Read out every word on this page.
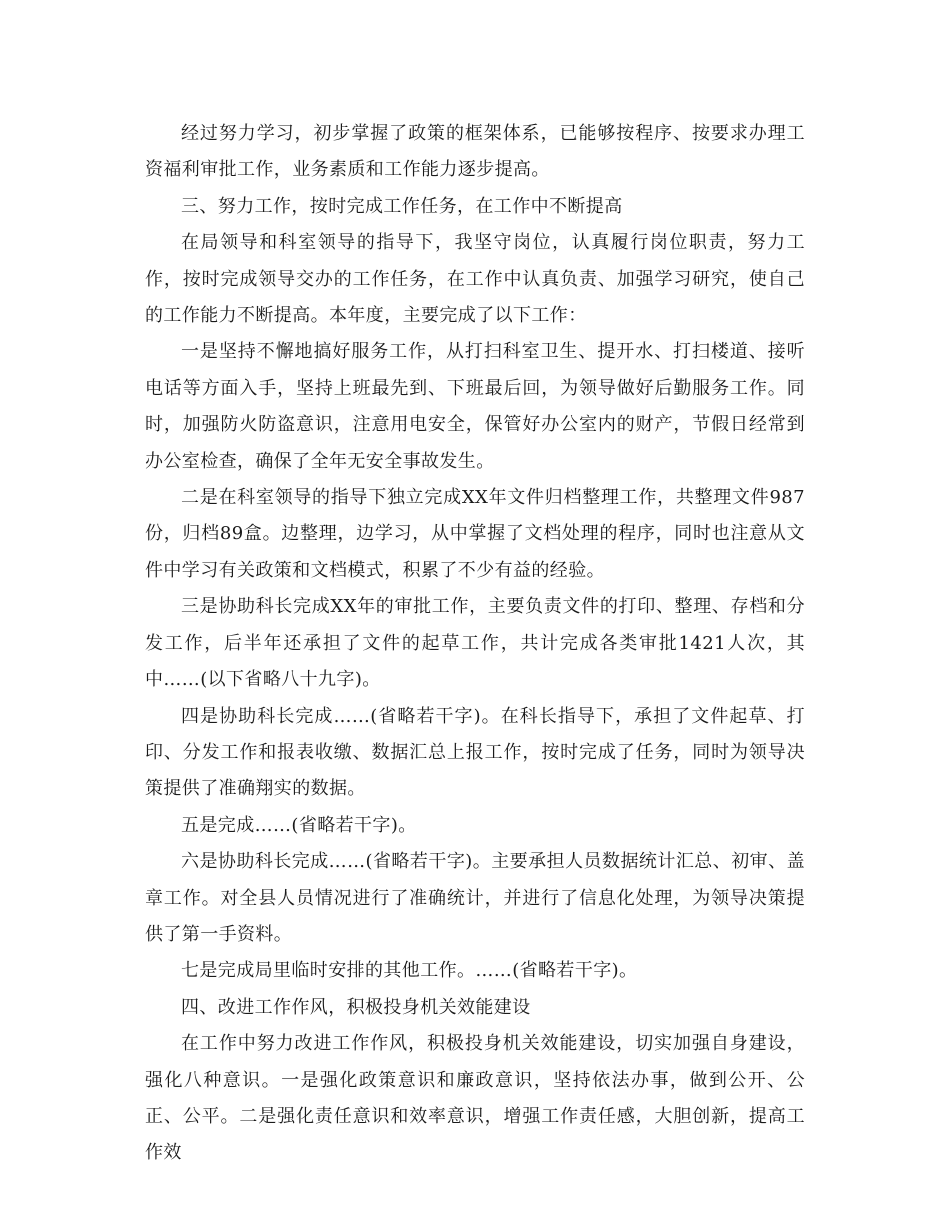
经过努力学习，初步掌握了政策的框架体系，已能够按程序、按要求办理工资福利审批工作，业务素质和工作能力逐步提高。

三、努力工作，按时完成工作任务，在工作中不断提高

在局领导和科室领导的指导下，我坚守岗位，认真履行岗位职责，努力工作，按时完成领导交办的工作任务，在工作中认真负责、加强学习研究，使自己的工作能力不断提高。本年度，主要完成了以下工作：

一是坚持不懈地搞好服务工作，从打扫科室卫生、提开水、打扫楼道、接听电话等方面入手，坚持上班最先到、下班最后回，为领导做好后勤服务工作。同时，加强防火防盗意识，注意用电安全，保管好办公室内的财产，节假日经常到办公室检查，确保了全年无安全事故发生。

二是在科室领导的指导下独立完成XX年文件归档整理工作，共整理文件987份，归档89盒。边整理，边学习，从中掌握了文档处理的程序，同时也注意从文件中学习有关政策和文档模式，积累了不少有益的经验。

三是协助科长完成XX年的审批工作，主要负责文件的打印、整理、存档和分发工作，后半年还承担了文件的起草工作，共计完成各类审批1421人次，其中……(以下省略八十九字)。

四是协助科长完成……(省略若干字)。在科长指导下，承担了文件起草、打印、分发工作和报表收缴、数据汇总上报工作，按时完成了任务，同时为领导决策提供了准确翔实的数据。

五是完成……(省略若干字)。

六是协助科长完成……(省略若干字)。主要承担人员数据统计汇总、初审、盖章工作。对全县人员情况进行了准确统计，并进行了信息化处理，为领导决策提供了第一手资料。

七是完成局里临时安排的其他工作。……(省略若干字)。

四、改进工作作风，积极投身机关效能建设

在工作中努力改进工作作风，积极投身机关效能建设，切实加强自身建设，强化八种意识。一是强化政策意识和廉政意识，坚持依法办事，做到公开、公正、公平。二是强化责任意识和效率意识，增强工作责任感，大胆创新，提高工作效
